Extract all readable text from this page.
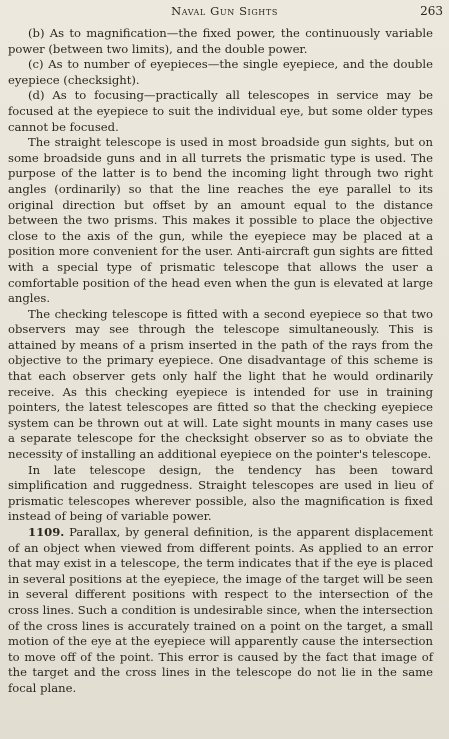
Naval Gun Sights	263

(b) As to magnification—the fixed power, the continuously variable power (between two limits), and the double power.

(c) As to number of eyepieces—the single eyepiece, and the double eyepiece (checksight).

(d) As to focusing—practically all telescopes in service may be focused at the eyepiece to suit the individual eye, but some older types cannot be focused.

The straight telescope is used in most broadside gun sights, but on some broadside guns and in all turrets the prismatic type is used. The purpose of the latter is to bend the incoming light through two right angles (ordinarily) so that the line reaches the eye parallel to its original direction but offset by an amount equal to the distance between the two prisms. This makes it possible to place the objective close to the axis of the gun, while the eyepiece may be placed at a position more convenient for the user. Anti-aircraft gun sights are fitted with a special type of prismatic telescope that allows the user a comfortable position of the head even when the gun is elevated at large angles.

The checking telescope is fitted with a second eyepiece so that two observers may see through the telescope simultaneously. This is attained by means of a prism inserted in the path of the rays from the objective to the primary eyepiece. One disadvantage of this scheme is that each observer gets only half the light that he would ordinarily receive. As this checking eyepiece is intended for use in training pointers, the latest telescopes are fitted so that the checking eyepiece system can be thrown out at will. Late sight mounts in many cases use a separate telescope for the checksight observer so as to obviate the necessity of installing an additional eyepiece on the pointer's telescope.

In late telescope design, the tendency has been toward simplification and ruggedness. Straight telescopes are used in lieu of prismatic telescopes wherever possible, also the magnification is fixed instead of being of variable power.

1109. Parallax, by general definition, is the apparent displacement of an object when viewed from different points. As applied to an error that may exist in a telescope, the term indicates that if the eye is placed in several positions at the eyepiece, the image of the target will be seen in several different positions with respect to the intersection of the cross lines. Such a condition is undesirable since, when the intersection of the cross lines is accurately trained on a point on the target, a small motion of the eye at the eyepiece will apparently cause the intersection to move off of the point. This error is caused by the fact that image of the target and the cross lines in the telescope do not lie in the same focal plane.
